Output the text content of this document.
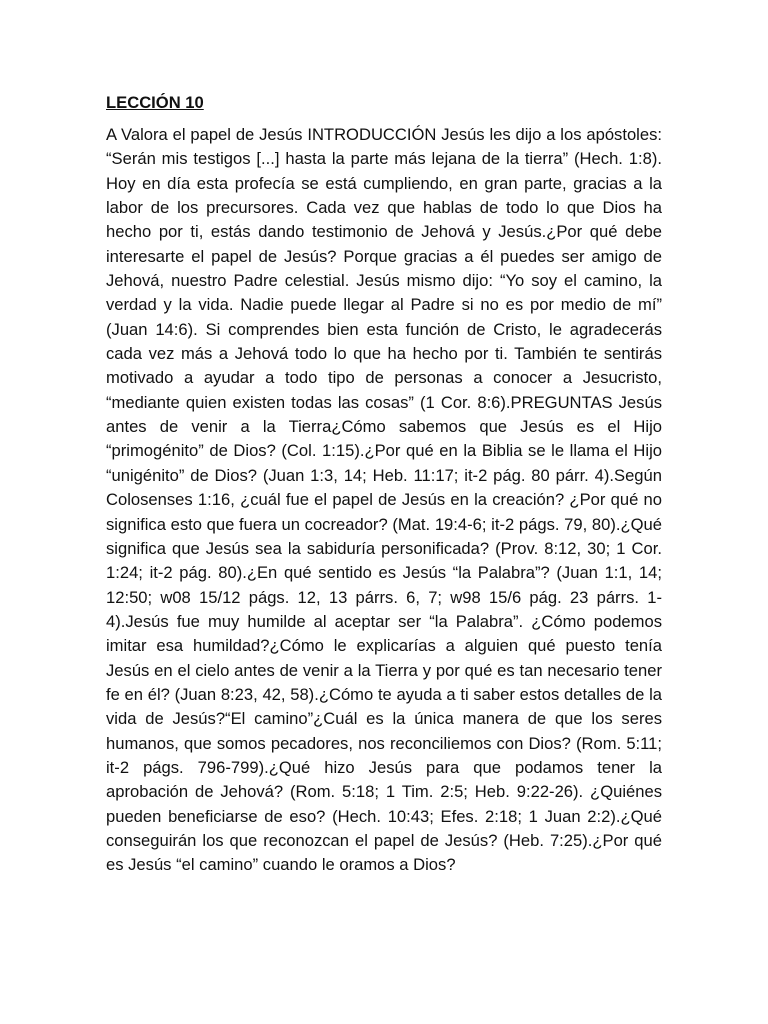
LECCIÓN 10

A Valora el papel de Jesús INTRODUCCIÓN Jesús les dijo a los apóstoles: “Serán mis testigos [...] hasta la parte más lejana de la tierra” (Hech. 1:8). Hoy en día esta profecía se está cumpliendo, en gran parte, gracias a la labor de los precursores. Cada vez que hablas de todo lo que Dios ha hecho por ti, estás dando testimonio de Jehová y Jesús.¿Por qué debe interesarte el papel de Jesús? Porque gracias a él puedes ser amigo de Jehová, nuestro Padre celestial. Jesús mismo dijo: “Yo soy el camino, la verdad y la vida. Nadie puede llegar al Padre si no es por medio de mí” (Juan 14:6). Si comprendes bien esta función de Cristo, le agradecerás cada vez más a Jehová todo lo que ha hecho por ti. También te sentirás motivado a ayudar a todo tipo de personas a conocer a Jesucristo, “mediante quien existen todas las cosas” (1 Cor. 8:6).PREGUNTAS Jesús antes de venir a la Tierra¿Cómo sabemos que Jesús es el Hijo “primogénito” de Dios? (Col. 1:15).¿Por qué en la Biblia se le llama el Hijo “unigénito” de Dios? (Juan 1:3, 14; Heb. 11:17; it-2 pág. 80 párr. 4).Según Colosenses 1:16, ¿cuál fue el papel de Jesús en la creación? ¿Por qué no significa esto que fuera un cocreador? (Mat. 19:4-6; it-2 págs. 79, 80).¿Qué significa que Jesús sea la sabiduría personificada? (Prov. 8:12, 30; 1 Cor. 1:24; it-2 pág. 80).¿En qué sentido es Jesús “la Palabra”? (Juan 1:1, 14; 12:50; w08 15/12 págs. 12, 13 párrs. 6, 7; w98 15/6 pág. 23 párrs. 1-4).Jesús fue muy humilde al aceptar ser “la Palabra”. ¿Cómo podemos imitar esa humildad?¿Cómo le explicarías a alguien qué puesto tenía Jesús en el cielo antes de venir a la Tierra y por qué es tan necesario tener fe en él? (Juan 8:23, 42, 58).¿Cómo te ayuda a ti saber estos detalles de la vida de Jesús?“El camino”¿Cuál es la única manera de que los seres humanos, que somos pecadores, nos reconciliemos con Dios? (Rom. 5:11; it-2 págs. 796-799).¿Qué hizo Jesús para que podamos tener la aprobación de Jehová? (Rom. 5:18; 1 Tim. 2:5; Heb. 9:22-26). ¿Quiénes pueden beneficiarse de eso? (Hech. 10:43; Efes. 2:18; 1 Juan 2:2).¿Qué conseguirán los que reconozcan el papel de Jesús? (Heb. 7:25).¿Por qué es Jesús “el camino” cuando le oramos a Dios?
